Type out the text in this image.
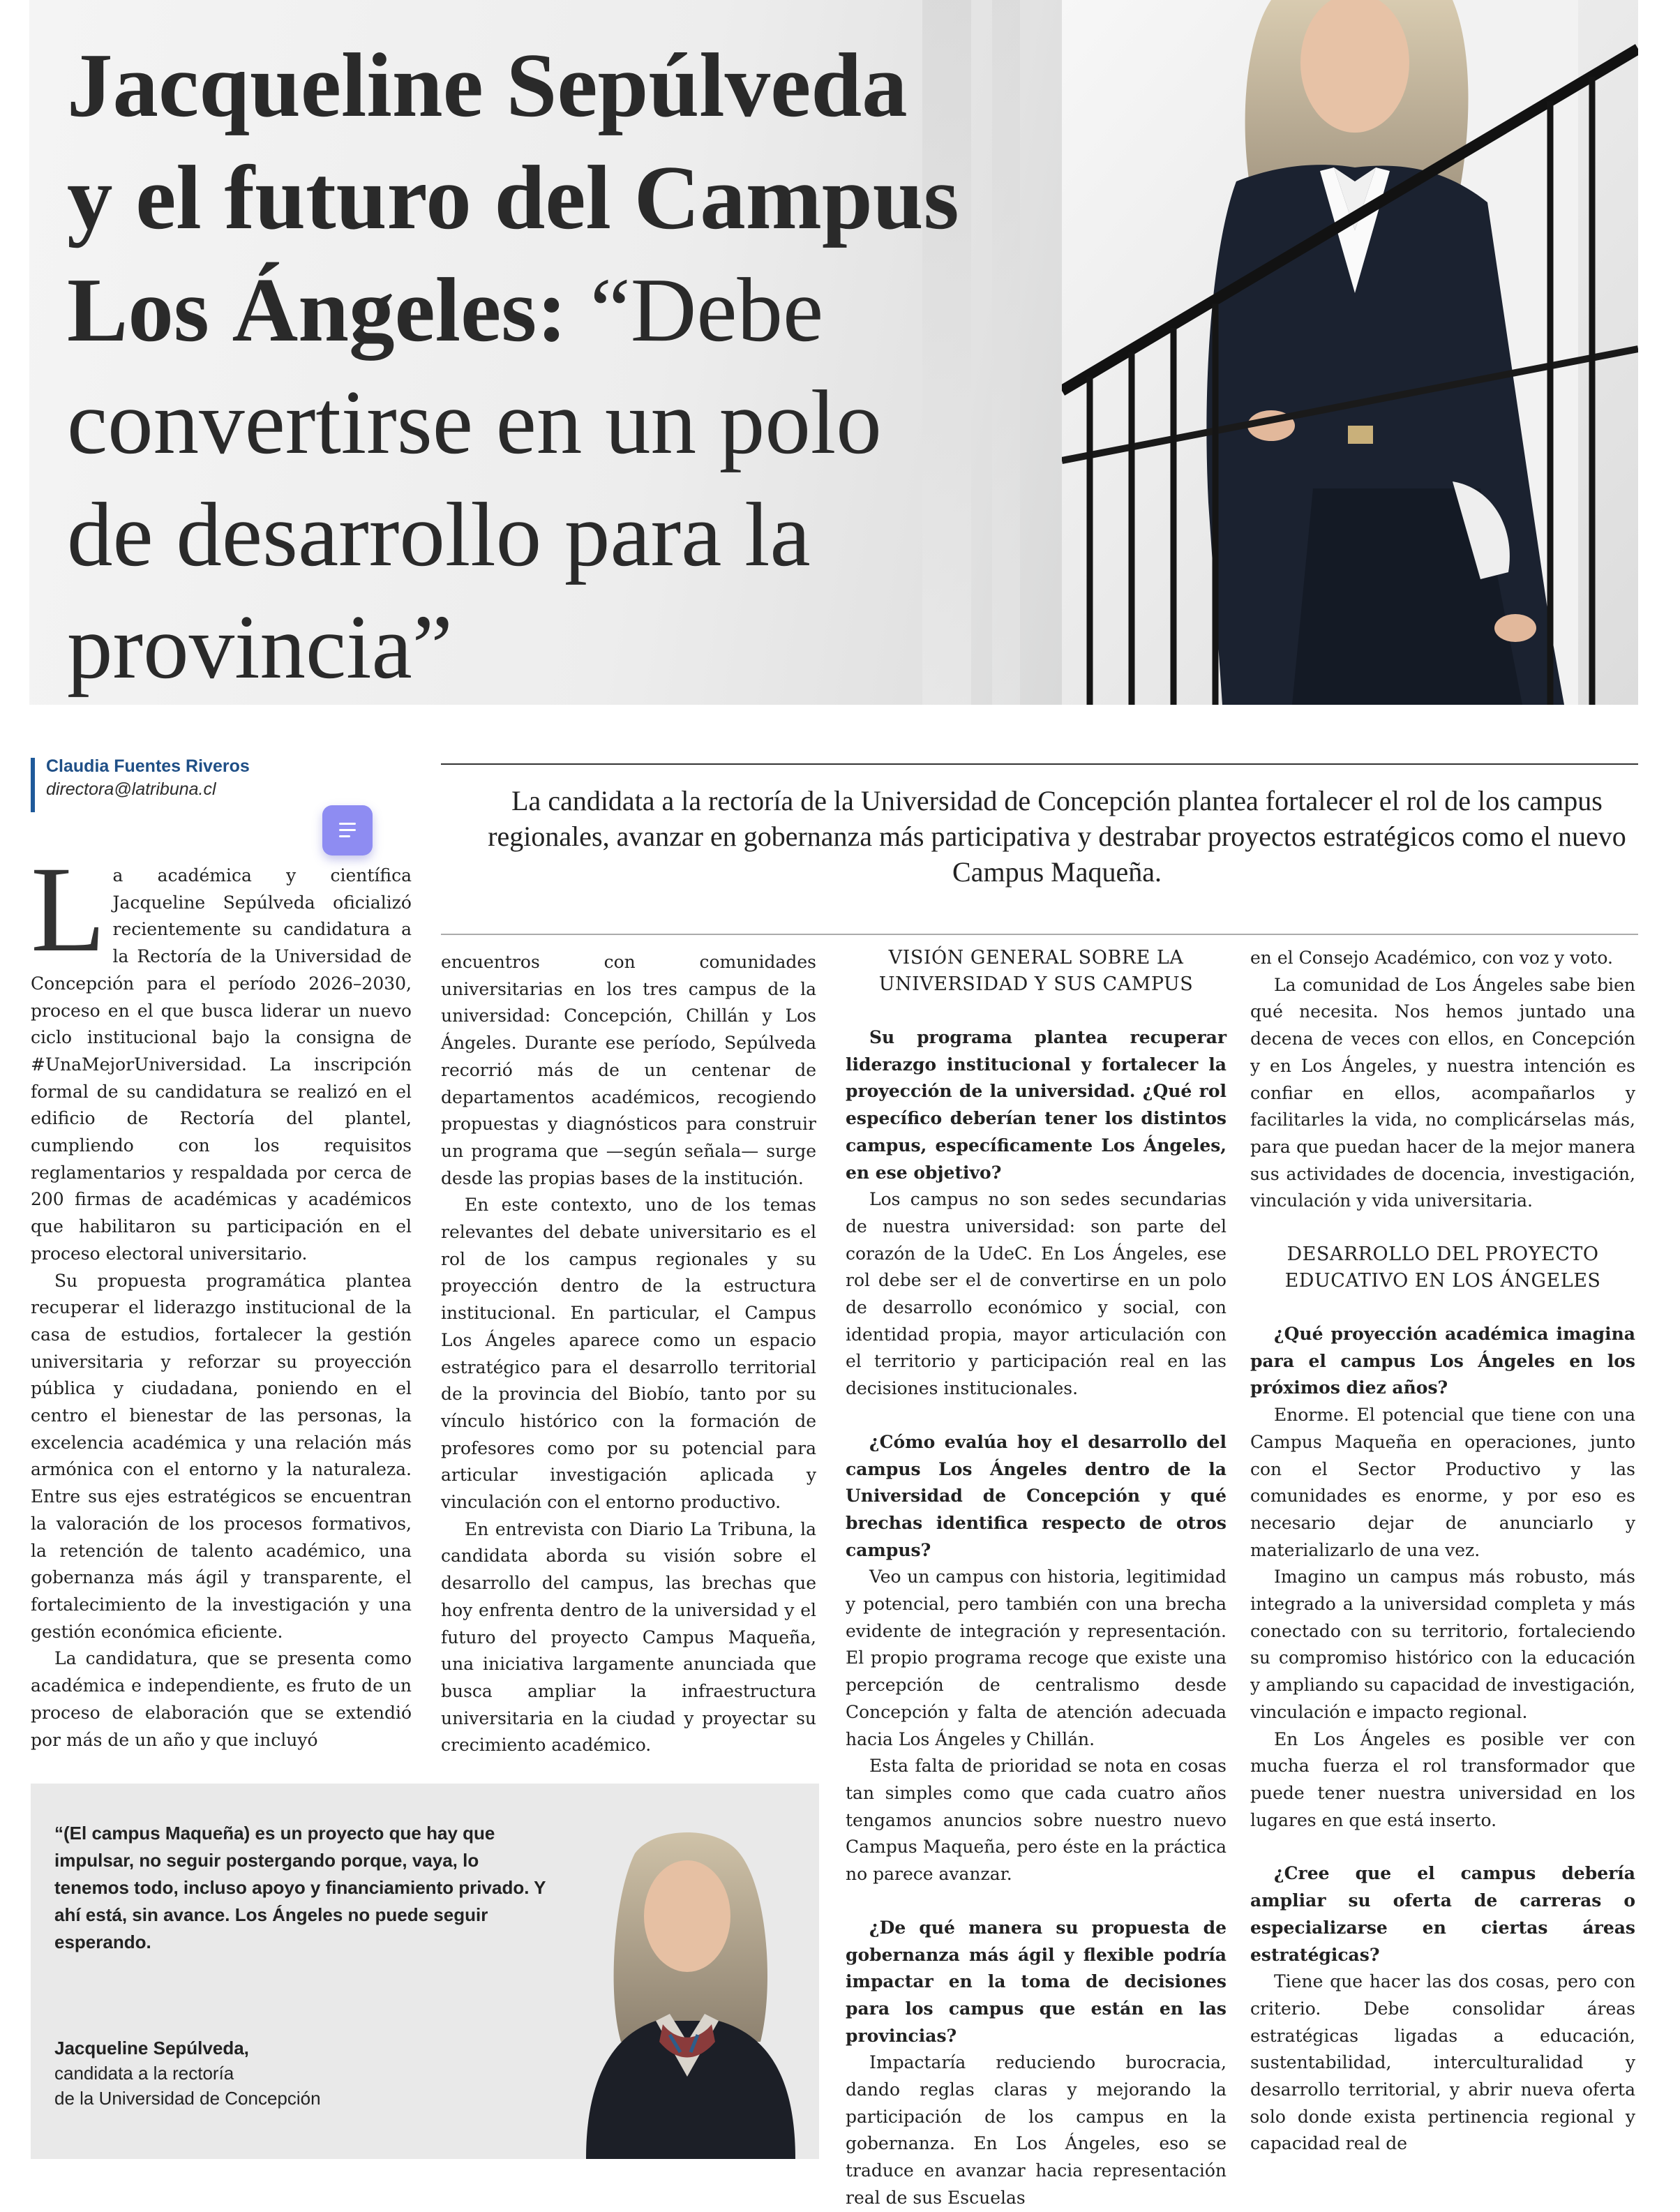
Jacqueline Sepúlveda
y el futuro del Campus
Los Ángeles: “Debe
convertirse en un polo
de desarrollo para la
provincia”
Claudia Fuentes Riveros
directora@latribuna.cl	La candidata a la rectoría de la Universidad de Concepción plantea fortalecer el rol de los campus regionales, avanzar en gobernanza más participativa y destrabar proyectos estratégicos como el nuevo Campus Maqueña.

La académica y científica Jacqueline Sepúlveda oficializó recientemente su candidatura a la Rectoría de la Universidad de Concepción para el período 2026–2030, proceso en el que busca liderar un nuevo ciclo institucional bajo la consigna de #UnaMejorUniversidad. La inscripción formal de su candidatura se realizó en el edificio de Rectoría del plantel, cumpliendo con los requisitos reglamentarios y respaldada por cerca de 200 firmas de académicas y académicos que habilitaron su participación en el proceso electoral universitario.

Su propuesta programática plantea recuperar el liderazgo institucional de la casa de estudios, fortalecer la gestión universitaria y reforzar su proyección pública y ciudadana, poniendo en el centro el bienestar de las personas, la excelencia académica y una relación más armónica con el entorno y la naturaleza. Entre sus ejes estratégicos se encuentran la valoración de los procesos formativos, la retención de talento académico, una gobernanza más ágil y transparente, el fortalecimiento de la investigación y una gestión económica eficiente.

La candidatura, que se presenta como académica e independiente, es fruto de un proceso de elaboración que se extendió por más de un año y que incluyó

encuentros con comunidades universitarias en los tres campus de la universidad: Concepción, Chillán y Los Ángeles. Durante ese período, Sepúlveda recorrió más de un centenar de departamentos académicos, recogiendo propuestas y diagnósticos para construir un programa que —según señala— surge desde las propias bases de la institución.

En este contexto, uno de los temas relevantes del debate universitario es el rol de los campus regionales y su proyección dentro de la estructura institucional. En particular, el Campus Los Ángeles aparece como un espacio estratégico para el desarrollo territorial de la provincia del Biobío, tanto por su vínculo histórico con la formación de profesores como por su potencial para articular investigación aplicada y vinculación con el entorno productivo.

En entrevista con Diario La Tribuna, la candidata aborda su visión sobre el desarrollo del campus, las brechas que hoy enfrenta dentro de la universidad y el futuro del proyecto Campus Maqueña, una iniciativa largamente anunciada que busca ampliar la infraestructura universitaria en la ciudad y proyectar su crecimiento académico.

VISIÓN GENERAL SOBRE LA UNIVERSIDAD Y SUS CAMPUS

Su programa plantea recuperar liderazgo institucional y fortalecer la proyección de la universidad. ¿Qué rol específico deberían tener los distintos campus, específicamente Los Ángeles, en ese objetivo?

Los campus no son sedes secundarias de nuestra universidad: son parte del corazón de la UdeC. En Los Ángeles, ese rol debe ser el de convertirse en un polo de desarrollo económico y social, con identidad propia, mayor articulación con el territorio y participación real en las decisiones institucionales.

¿Cómo evalúa hoy el desarrollo del campus Los Ángeles dentro de la Universidad de Concepción y qué brechas identifica respecto de otros campus?

Veo un campus con historia, legitimidad y potencial, pero también con una brecha evidente de integración y representación. El propio programa recoge que existe una percepción de centralismo desde Concepción y falta de atención adecuada hacia Los Ángeles y Chillán.

Esta falta de prioridad se nota en cosas tan simples como que cada cuatro años tengamos anuncios sobre nuestro nuevo Campus Maqueña, pero éste en la práctica no parece avanzar.

¿De qué manera su propuesta de gobernanza más ágil y flexible podría impactar en la toma de decisiones para los campus que están en las provincias?

Impactaría reduciendo burocracia, dando reglas claras y mejorando la participación de los campus en la gobernanza. En Los Ángeles, eso se traduce en avanzar hacia representación real de sus Escuelas

en el Consejo Académico, con voz y voto.

La comunidad de Los Ángeles sabe bien qué necesita. Nos hemos juntado una decena de veces con ellos, en Concepción y en Los Ángeles, y nuestra intención es confiar en ellos, acompañarlos y facilitarles la vida, no complicárselas más, para que puedan hacer de la mejor manera sus actividades de docencia, investigación, vinculación y vida universitaria.

DESARROLLO DEL PROYECTO EDUCATIVO EN LOS ÁNGELES

¿Qué proyección académica imagina para el campus Los Ángeles en los próximos diez años?

Enorme. El potencial que tiene con una Campus Maqueña en operaciones, junto con el Sector Productivo y las comunidades es enorme, y por eso es necesario dejar de anunciarlo y materializarlo de una vez.

Imagino un campus más robusto, más integrado a la universidad completa y más conectado con su territorio, fortaleciendo su compromiso histórico con la educación y ampliando su capacidad de investigación, vinculación e impacto regional.

En Los Ángeles es posible ver con mucha fuerza el rol transformador que puede tener nuestra universidad en los lugares en que está inserto.

¿Cree que el campus debería ampliar su oferta de carreras o especializarse en ciertas áreas estratégicas?

Tiene que hacer las dos cosas, pero con criterio. Debe consolidar áreas estratégicas ligadas a educación, sustentabilidad, interculturalidad y desarrollo territorial, y abrir nueva oferta solo donde exista pertinencia regional y capacidad real de

“(El campus Maqueña) es un proyecto que hay que impulsar, no seguir postergando porque, vaya, lo tenemos todo, incluso apoyo y financiamiento privado. Y ahí está, sin avance. Los Ángeles no puede seguir esperando.

Jacqueline Sepúlveda,
candidata a la rectoría
de la Universidad de Concepción
